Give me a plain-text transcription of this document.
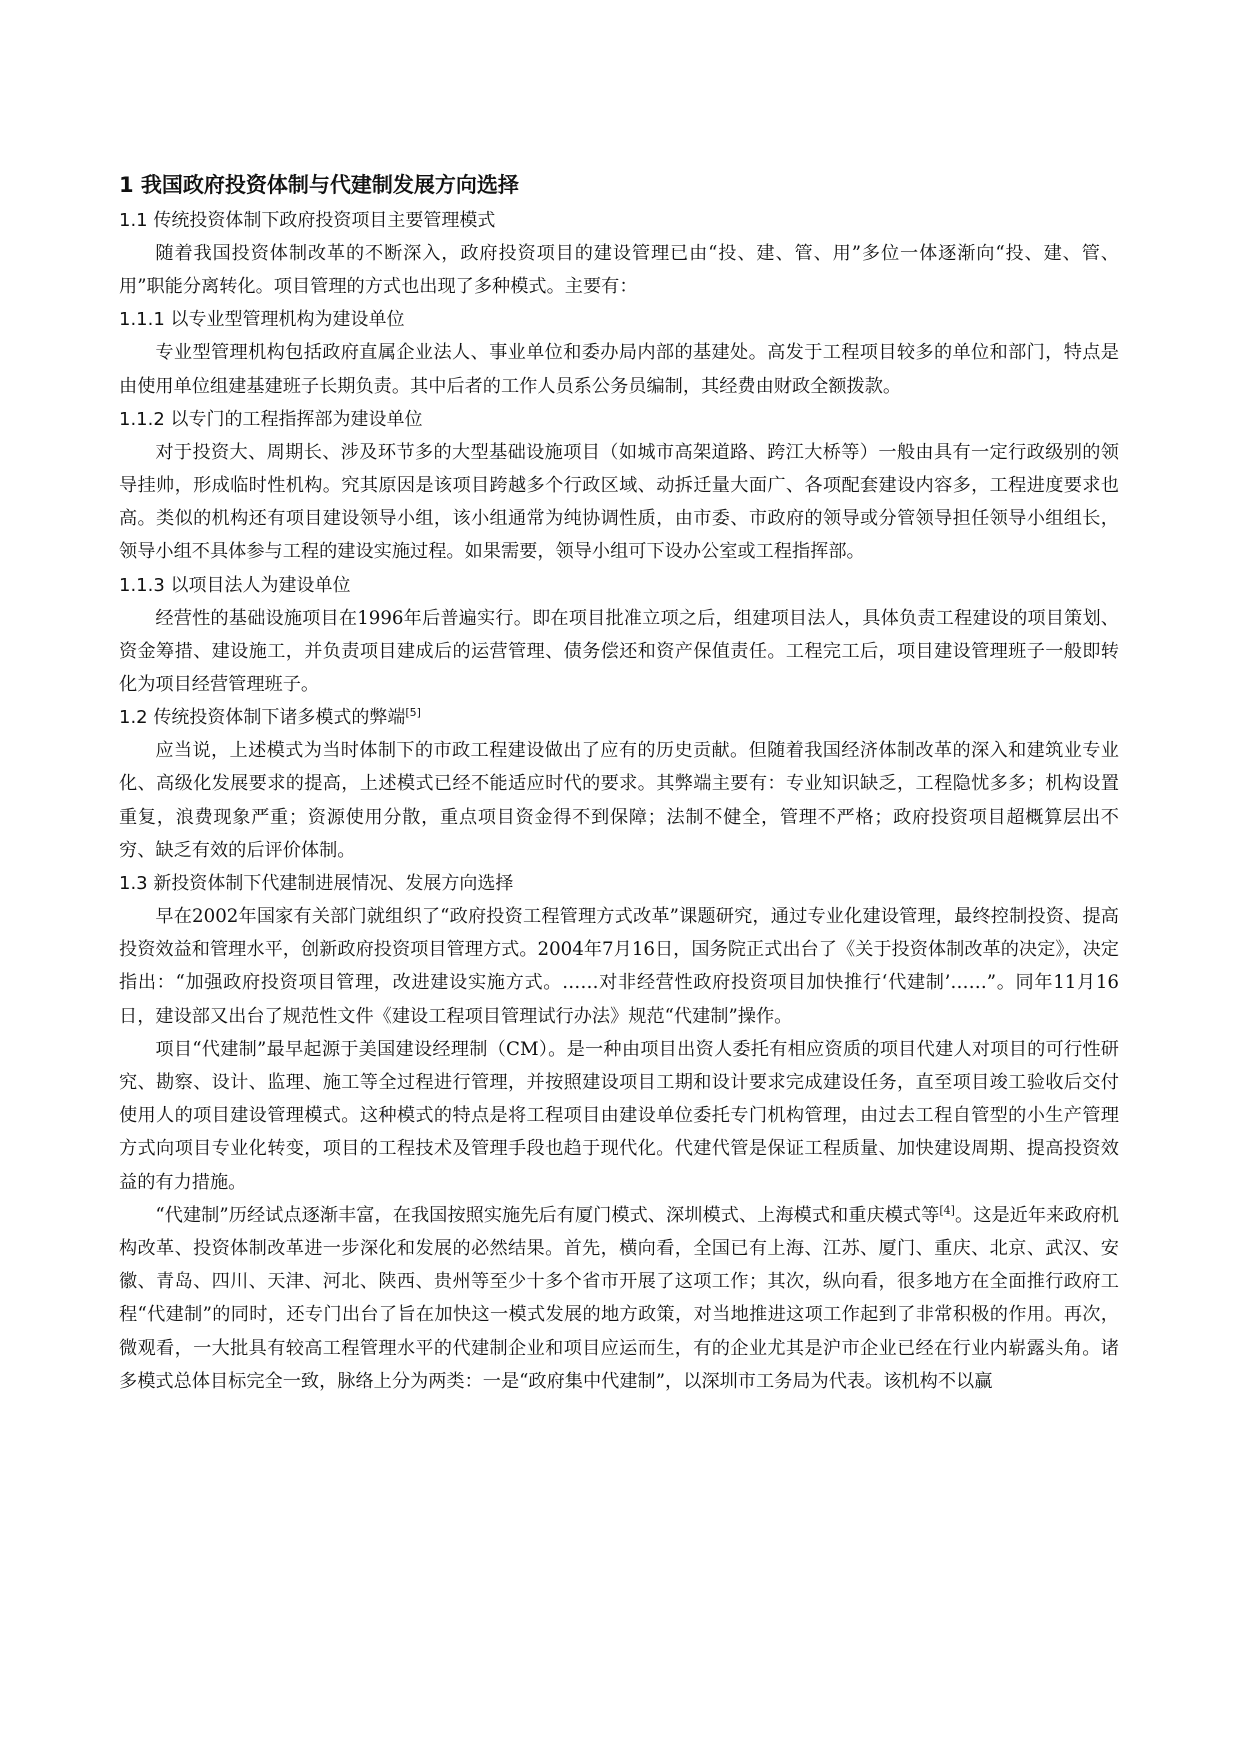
1 我国政府投资体制与代建制发展方向选择
1.1 传统投资体制下政府投资项目主要管理模式

随着我国投资体制改革的不断深入，政府投资项目的建设管理已由“投、建、管、用”多位一体逐渐向“投、建、管、用”职能分离转化。项目管理的方式也出现了多种模式。主要有：

1.1.1 以专业型管理机构为建设单位

专业型管理机构包括政府直属企业法人、事业单位和委办局内部的基建处。高发于工程项目较多的单位和部门，特点是由使用单位组建基建班子长期负责。其中后者的工作人员系公务员编制，其经费由财政全额拨款。

1.1.2 以专门的工程指挥部为建设单位

对于投资大、周期长、涉及环节多的大型基础设施项目（如城市高架道路、跨江大桥等）一般由具有一定行政级别的领导挂帅，形成临时性机构。究其原因是该项目跨越多个行政区域、动拆迁量大面广、各项配套建设内容多，工程进度要求也高。类似的机构还有项目建设领导小组，该小组通常为纯协调性质，由市委、市政府的领导或分管领导担任领导小组组长，领导小组不具体参与工程的建设实施过程。如果需要，领导小组可下设办公室或工程指挥部。

1.1.3 以项目法人为建设单位

经营性的基础设施项目在1996年后普遍实行。即在项目批准立项之后，组建项目法人，具体负责工程建设的项目策划、资金筹措、建设施工，并负责项目建成后的运营管理、债务偿还和资产保值责任。工程完工后，项目建设管理班子一般即转化为项目经营管理班子。

1.2 传统投资体制下诸多模式的弊端[5]

应当说，上述模式为当时体制下的市政工程建设做出了应有的历史贡献。但随着我国经济体制改革的深入和建筑业专业化、高级化发展要求的提高，上述模式已经不能适应时代的要求。其弊端主要有：专业知识缺乏，工程隐忧多多；机构设置重复，浪费现象严重；资源使用分散，重点项目资金得不到保障；法制不健全，管理不严格；政府投资项目超概算层出不穷、缺乏有效的后评价体制。

1.3 新投资体制下代建制进展情况、发展方向选择

早在2002年国家有关部门就组织了“政府投资工程管理方式改革”课题研究，通过专业化建设管理，最终控制投资、提高投资效益和管理水平，创新政府投资项目管理方式。2004年7月16日，国务院正式出台了《关于投资体制改革的决定》，决定指出：“加强政府投资项目管理，改进建设实施方式。……对非经营性政府投资项目加快推行‘代建制’……”。同年11月16日，建设部又出台了规范性文件《建设工程项目管理试行办法》规范“代建制”操作。

项目“代建制”最早起源于美国建设经理制（CM）。是一种由项目出资人委托有相应资质的项目代建人对项目的可行性研究、勘察、设计、监理、施工等全过程进行管理，并按照建设项目工期和设计要求完成建设任务，直至项目竣工验收后交付使用人的项目建设管理模式。这种模式的特点是将工程项目由建设单位委托专门机构管理，由过去工程自管型的小生产管理方式向项目专业化转变，项目的工程技术及管理手段也趋于现代化。代建代管是保证工程质量、加快建设周期、提高投资效益的有力措施。

“代建制”历经试点逐渐丰富，在我国按照实施先后有厦门模式、深圳模式、上海模式和重庆模式等[4]。这是近年来政府机构改革、投资体制改革进一步深化和发展的必然结果。首先，横向看，全国已有上海、江苏、厦门、重庆、北京、武汉、安徽、青岛、四川、天津、河北、陕西、贵州等至少十多个省市开展了这项工作；其次，纵向看，很多地方在全面推行政府工程“代建制”的同时，还专门出台了旨在加快这一模式发展的地方政策，对当地推进这项工作起到了非常积极的作用。再次，微观看，一大批具有较高工程管理水平的代建制企业和项目应运而生，有的企业尤其是沪市企业已经在行业内崭露头角。诸多模式总体目标完全一致，脉络上分为两类：一是“政府集中代建制”，以深圳市工务局为代表。该机构不以赢
